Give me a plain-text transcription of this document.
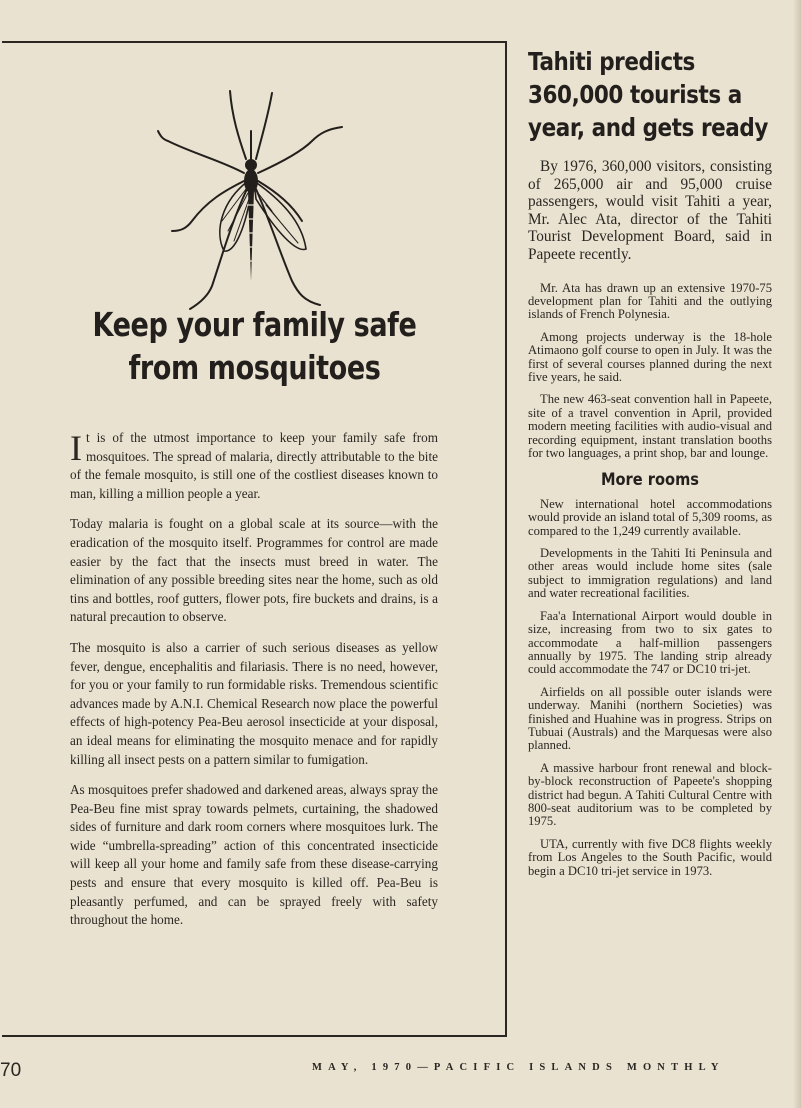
Keep your family safe
from mosquitoes

It is of the utmost importance to keep your family safe from mosquitoes. The spread of malaria, directly attributable to the bite of the female mosquito, is still one of the costliest diseases known to man, killing a million people a year.

Today malaria is fought on a global scale at its source—with the eradication of the mosquito itself. Programmes for control are made easier by the fact that the insects must breed in water. The elimination of any possible breeding sites near the home, such as old tins and bottles, roof gutters, flower pots, fire buckets and drains, is a natural precaution to observe.

The mosquito is also a carrier of such serious diseases as yellow fever, dengue, encephalitis and filariasis. There is no need, however, for you or your family to run formidable risks. Tremendous scientific advances made by A.N.I. Chemical Research now place the powerful effects of high-potency Pea-Beu aerosol insecticide at your disposal, an ideal means for eliminating the mosquito menace and for rapidly killing all insect pests on a pattern similar to fumigation.

As mosquitoes prefer shadowed and darkened areas, always spray the Pea-Beu fine mist spray towards pelmets, curtaining, the shadowed sides of furniture and dark room corners where mosquitoes lurk. The wide “umbrella-spreading” action of this concentrated insecticide will keep all your home and family safe from these disease-carrying pests and ensure that every mosquito is killed off. Pea-Beu is pleasantly perfumed, and can be sprayed freely with safety throughout the home.

Tahiti predicts
360,000 tourists a
year, and gets ready

By 1976, 360,000 visitors, consisting of 265,000 air and 95,000 cruise passengers, would visit Tahiti a year, Mr. Alec Ata, director of the Tahiti Tourist Development Board, said in Papeete recently.

Mr. Ata has drawn up an extensive 1970-75 development plan for Tahiti and the outlying islands of French Polynesia.

Among projects underway is the 18-hole Atimaono golf course to open in July. It was the first of several courses planned during the next five years, he said.

The new 463-seat convention hall in Papeete, site of a travel convention in April, provided modern meeting facilities with audio-visual and recording equipment, instant translation booths for two languages, a print shop, bar and lounge.

More rooms

New international hotel accommodations would provide an island total of 5,309 rooms, as compared to the 1,249 currently available.

Developments in the Tahiti Iti Peninsula and other areas would include home sites (sale subject to immigration regulations) and land and water recreational facilities.

Faa'a International Airport would double in size, increasing from two to six gates to accommodate a half-million passengers annually by 1975. The landing strip already could accommodate the 747 or DC10 tri-jet.

Airfields on all possible outer islands were underway. Manihi (northern Societies) was finished and Huahine was in progress. Strips on Tubuai (Australs) and the Marquesas were also planned.

A massive harbour front renewal and block-by-block reconstruction of Papeete's shopping district had begun. A Tahiti Cultural Centre with 800-seat auditorium was to be completed by 1975.

UTA, currently with five DC8 flights weekly from Los Angeles to the South Pacific, would begin a DC10 tri-jet service in 1973.

70	MAY, 1970—PACIFIC ISLANDS MONTHLY
